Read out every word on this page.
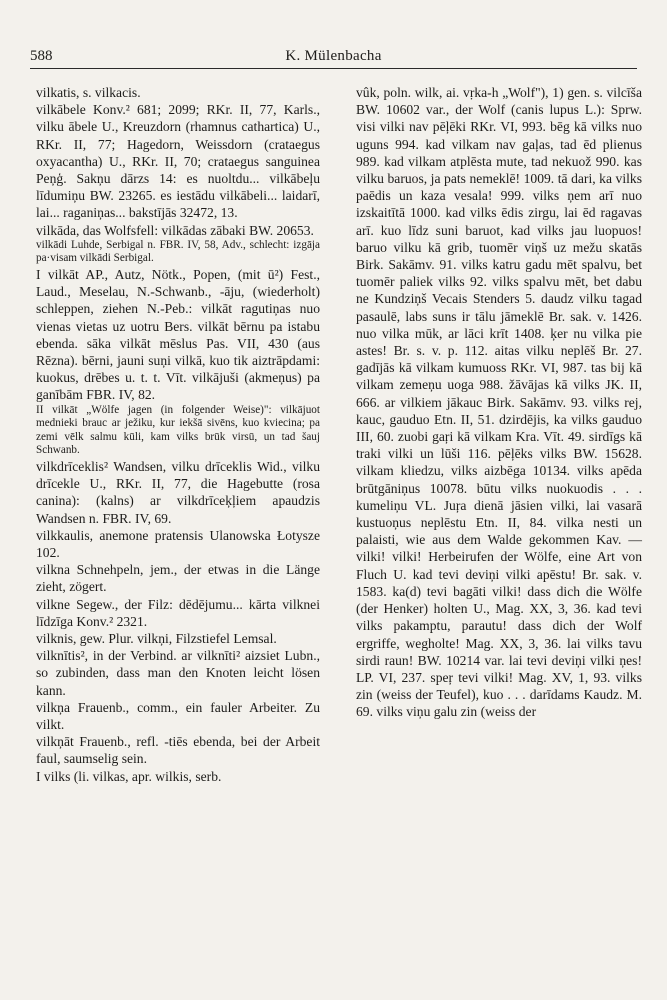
588	K. Mülenbacha

vilkatis, s. vilkacis.

vilkābele Konv.² 681; 2099; RKr. II, 77, Karls., vilku ābele U., Kreuzdorn (rhamnus cathartica) U., RKr. II, 77; Hagedorn, Weissdorn (crataegus oxyacantha) U., RKr. II, 70; crataegus sanguinea Peņģ. Sakņu dārzs 14: es nuoltdu... vilkābeļu līdumiņu BW. 23265. es iestādu vilkābeli... laidarī, lai... raganiņas... bakstījās 32472, 13.

vilkāda, das Wolfsfell: vilkādas zābaki BW. 20653.

vilkādi Luhde, Serbigal n. FBR. IV, 58, Adv., schlecht: izgāja pa·visam vilkādi Serbigal.

I vilkāt AP., Autz, Nötk., Popen, (mit ū²) Fest., Laud., Meselau, N.-Schwanb., -āju, (wiederholt) schleppen, ziehen N.-Peb.: vilkāt ragutiņas nuo vienas vietas uz uotru Bers. vilkāt bērnu pa istabu ebenda. sāka vilkāt mēslus Pas. VII, 430 (aus Rēzna). bērni, jauni suņi vilkā, kuo tik aiztrāpdami: kuokus, drēbes u. t. t. Vīt. vilkājuši (akmeņus) pa ganībām FBR. IV, 82.

II vilkāt „Wölfe jagen (in folgender Weise)": vilkājuot mednieki brauc ar ježiku, kur iekšā sivēns, kuo kviecina; pa zemi vēlk salmu kūli, kam vilks brūk virsū, un tad šauj Schwanb.

vilkdrīceklis² Wandsen, vilku drīceklis Wid., vilku drīcekle U., RKr. II, 77, die Hagebutte (rosa canina): (kalns) ar vilkdrīceķļiem apaudzis Wandsen n. FBR. IV, 69.

vilkkaulis, anemone pratensis Ulanowska Łotysze 102.

vilkna Schnehpeln, jem., der etwas in die Länge zieht, zögert.

vilkne Segew., der Filz: dēdējumu... kārta vilknei līdzīga Konv.² 2321.

vilknis, gew. Plur. vilkņi, Filzstiefel Lemsal.

vilknītis², in der Verbind. ar vilknīti² aizsiet Lubn., so zubinden, dass man den Knoten leicht lösen kann.

vilkņa Frauenb., comm., ein fauler Arbeiter. Zu vilkt.

vilkņāt Frauenb., refl. -tiēs ebenda, bei der Arbeit faul, saumselig sein.

I vilks (li. vilkas, apr. wilkis, serb.

vûk, poln. wilk, ai. vṛka-h „Wolf"), 1) gen. s. vilcīša BW. 10602 var., der Wolf (canis lupus L.): Sprw. visi vilki nav pēļēki RKr. VI, 993. bēg kā vilks nuo uguns 994. kad vilkam nav gaļas, tad ēd plienus 989. kad vilkam atplēsta mute, tad nekuož 990. kas vilku baruos, ja pats nemeklē! 1009. tā dari, ka vilks paēdis un kaza vesala! 999. vilks ņem arī nuo izskaitītā 1000. kad vilks ēdis zirgu, lai ēd ragavas arī. kuo līdz suni baruot, kad vilks jau luopuos! baruo vilku kā grib, tuomēr viņš uz mežu skatās Birk. Sakāmv. 91. vilks katru gadu mēt spalvu, bet tuomēr paliek vilks 92. vilks spalvu mēt, bet dabu ne Kundziņš Vecais Stenders 5. daudz vilku tagad pasaulē, labs suns ir tālu jāmeklē Br. sak. v. 1426. nuo vilka mūk, ar lāci krīt 1408. ķer nu vilka pie astes! Br. s. v. p. 112. aitas vilku neplēš Br. 27. gadījās kā vilkam kumuoss RKr. VI, 987. tas bij kā vilkam zemeņu uoga 988. žāvājas kā vilks JK. II, 666. ar vilkiem jākauc Birk. Sakāmv. 93. vilks rej, kauc, gauduo Etn. II, 51. dzirdējis, ka vilks gauduo III, 60. zuobi gaŗi kā vilkam Kra. Vīt. 49. sirdīgs kā traki vilki un lūši 116. pēļēks vilks BW. 15628. vilkam kliedzu, vilks aizbēga 10134. vilks apēda brūtgāniņus 10078. būtu vilks nuokuodis . . . kumeliņu VL. Juŗa dienā jāsien vilki, lai vasarā kustuoņus neplēstu Etn. II, 84. vilka nesti un palaisti, wie aus dem Walde gekommen Kav. — vilki! vilki! Herbeirufen der Wölfe, eine Art von Fluch U. kad tevi deviņi vilki apēstu! Br. sak. v. 1583. ka(d) tevi bagāti vilki! dass dich die Wölfe (der Henker) holten U., Mag. XX, 3, 36. kad tevi vilks pakamptu, parautu! dass dich der Wolf ergriffe, wegholte! Mag. XX, 3, 36. lai vilks tavu sirdi raun! BW. 10214 var. lai tevi deviņi vilki ņes! LP. VI, 237. speŗ tevi vilki! Mag. XV, 1, 93. vilks zin (weiss der Teufel), kuo . . . darīdams Kaudz. M. 69. vilks viņu galu zin (weiss der
